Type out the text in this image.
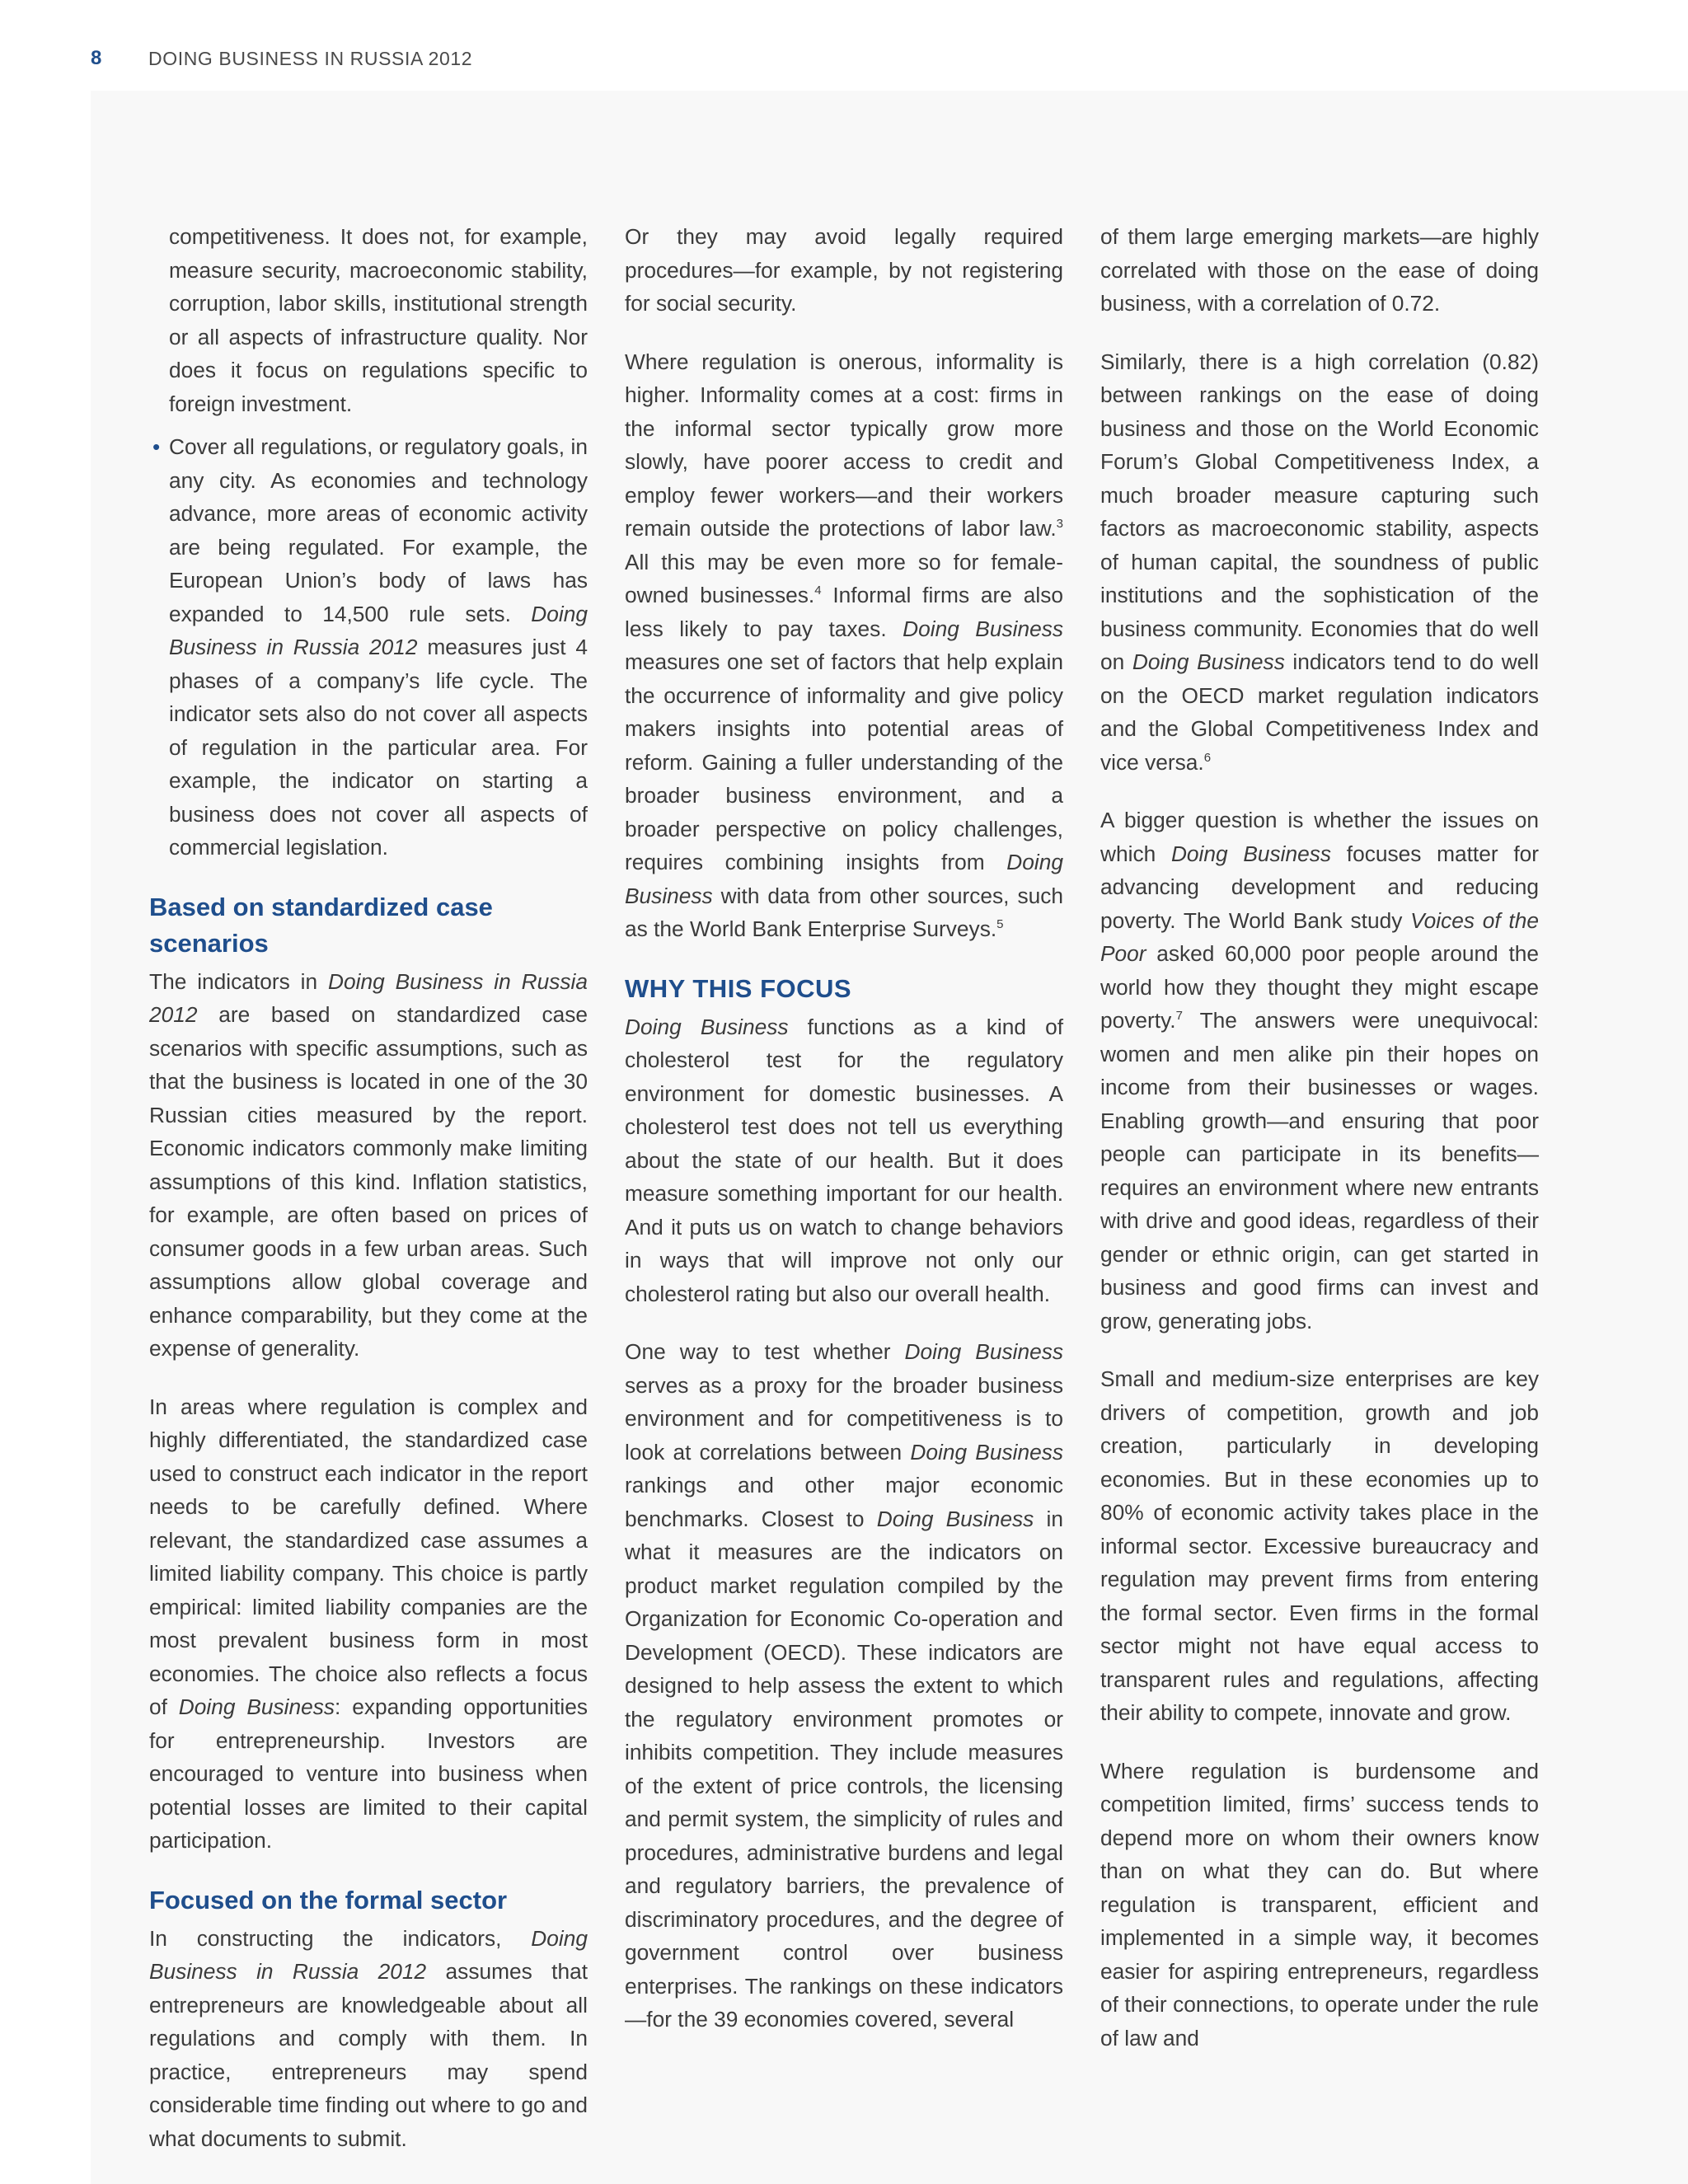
8 DOING BUSINESS IN RUSSIA 2012

competitiveness. It does not, for example, measure security, macroeconomic stability, corruption, labor skills, institutional strength or all aspects of infrastructure quality. Nor does it focus on regulations specific to foreign investment.

• Cover all regulations, or regulatory goals, in any city. As economies and technology advance, more areas of economic activity are being regulated. For example, the European Union’s body of laws has expanded to 14,500 rule sets. Doing Business in Russia 2012 measures just 4 phases of a company’s life cycle. The indicator sets also do not cover all aspects of regulation in the particular area. For example, the indicator on starting a business does not cover all aspects of commercial legislation.
Based on standardized case scenarios

The indicators in Doing Business in Russia 2012 are based on standardized case scenarios with specific assumptions, such as that the business is located in one of the 30 Russian cities measured by the report. Economic indicators commonly make limiting assumptions of this kind. Inflation statistics, for example, are often based on prices of consumer goods in a few urban areas. Such assumptions allow global coverage and enhance comparability, but they come at the expense of generality.

In areas where regulation is complex and highly differentiated, the standardized case used to construct each indicator in the report needs to be carefully defined. Where relevant, the standardized case assumes a limited liability company. This choice is partly empirical: limited liability companies are the most prevalent business form in most economies. The choice also reflects a focus of Doing Business: expanding opportunities for entrepreneurship. Investors are encouraged to venture into business when potential losses are limited to their capital participation.

Focused on the formal sector

In constructing the indicators, Doing Business in Russia 2012 assumes that entrepreneurs are knowledgeable about all regulations and comply with them. In practice, entrepreneurs may spend considerable time finding out where to go and what documents to submit.

Or they may avoid legally required procedures—for example, by not registering for social security.

Where regulation is onerous, informality is higher. Informality comes at a cost: firms in the informal sector typically grow more slowly, have poorer access to credit and employ fewer workers—and their workers remain outside the protections of labor law.$^3$ All this may be even more so for female-owned businesses.$^4$ Informal firms are also less likely to pay taxes. Doing Business measures one set of factors that help explain the occurrence of informality and give policy makers insights into potential areas of reform. Gaining a fuller understanding of the broader business environment, and a broader perspective on policy challenges, requires combining insights from Doing Business with data from other sources, such as the World Bank Enterprise Surveys.$^5$

WHY THIS FOCUS

Doing Business functions as a kind of cholesterol test for the regulatory environment for domestic businesses. A cholesterol test does not tell us everything about the state of our health. But it does measure something important for our health. And it puts us on watch to change behaviors in ways that will improve not only our cholesterol rating but also our overall health.

One way to test whether Doing Business serves as a proxy for the broader business environment and for competitiveness is to look at correlations between Doing Business rankings and other major economic benchmarks. Closest to Doing Business in what it measures are the indicators on product market regulation compiled by the Organization for Economic Co-operation and Development (OECD). These indicators are designed to help assess the extent to which the regulatory environment promotes or inhibits competition. They include measures of the extent of price controls, the licensing and permit system, the simplicity of rules and procedures, administrative burdens and legal and regulatory barriers, the prevalence of discriminatory procedures, and the degree of government control over business enterprises. The rankings on these indicators—for the 39 economies covered, several

of them large emerging markets—are highly correlated with those on the ease of doing business, with a correlation of 0.72.

Similarly, there is a high correlation (0.82) between rankings on the ease of doing business and those on the World Economic Forum’s Global Competitiveness Index, a much broader measure capturing such factors as macroeconomic stability, aspects of human capital, the soundness of public institutions and the sophistication of the business community. Economies that do well on Doing Business indicators tend to do well on the OECD market regulation indicators and the Global Competitiveness Index and vice versa.$^6$

A bigger question is whether the issues on which Doing Business focuses matter for advancing development and reducing poverty. The World Bank study Voices of the Poor asked 60,000 poor people around the world how they thought they might escape poverty.$^7$ The answers were unequivocal: women and men alike pin their hopes on income from their businesses or wages. Enabling growth—and ensuring that poor people can participate in its benefits—requires an environment where new entrants with drive and good ideas, regardless of their gender or ethnic origin, can get started in business and good firms can invest and grow, generating jobs.

Small and medium-size enterprises are key drivers of competition, growth and job creation, particularly in developing economies. But in these economies up to 80% of economic activity takes place in the informal sector. Excessive bureaucracy and regulation may prevent firms from entering the formal sector. Even firms in the formal sector might not have equal access to transparent rules and regulations, affecting their ability to compete, innovate and grow.

Where regulation is burdensome and competition limited, firms’ success tends to depend more on whom their owners know than on what they can do. But where regulation is transparent, efficient and implemented in a simple way, it becomes easier for aspiring entrepreneurs, regardless of their connections, to operate under the rule of law and
